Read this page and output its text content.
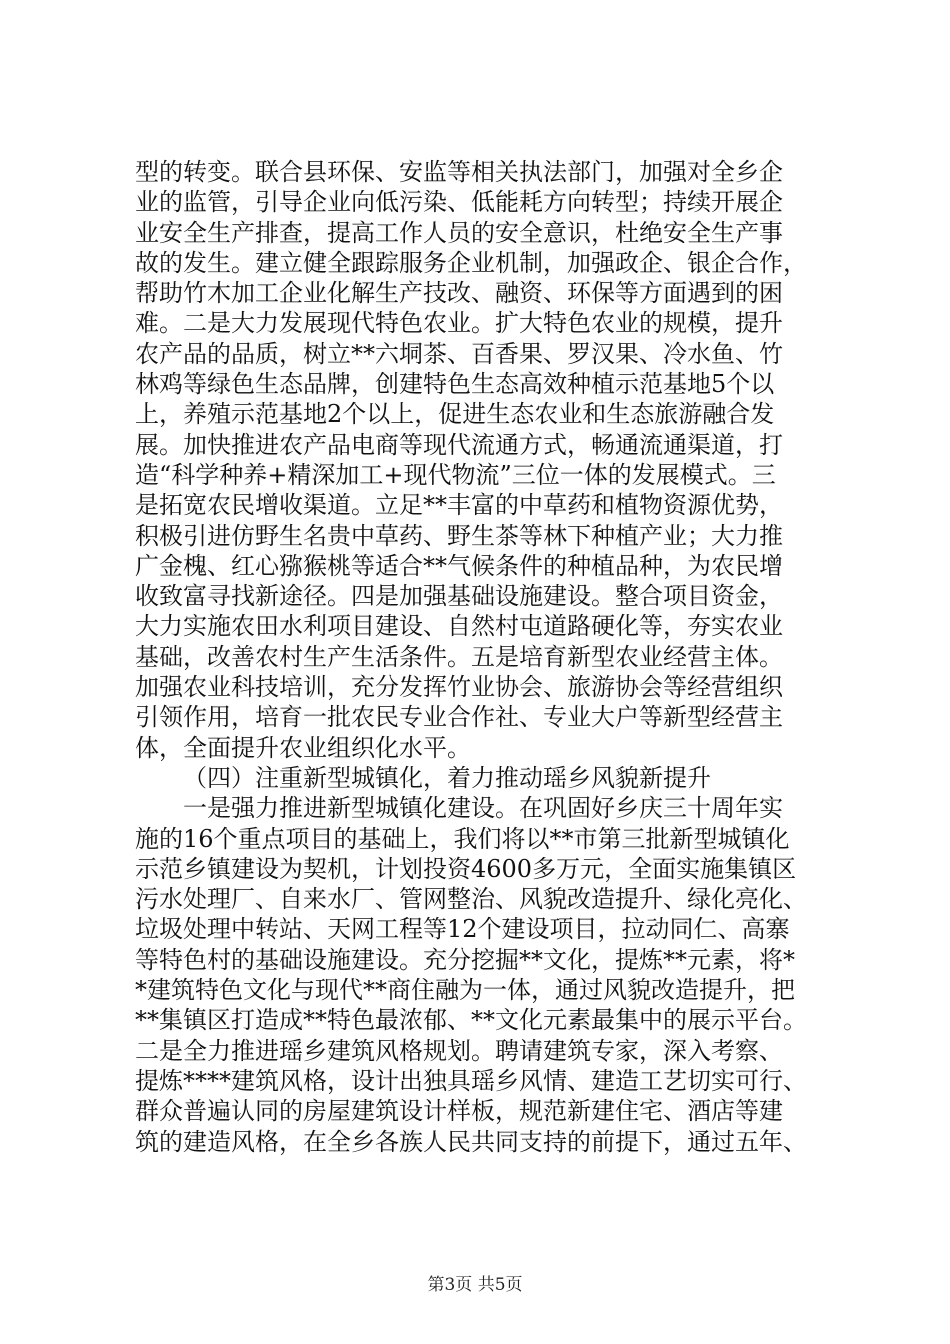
型的转变。联合县环保、安监等相关执法部门，加强对全乡企
业的监管，引导企业向低污染、低能耗方向转型；持续开展企
业安全生产排查，提高工作人员的安全意识，杜绝安全生产事
故的发生。建立健全跟踪服务企业机制，加强政企、银企合作，
帮助竹木加工企业化解生产技改、融资、环保等方面遇到的困
难。二是大力发展现代特色农业。扩大特色农业的规模，提升
农产品的品质，树立**六垌茶、百香果、罗汉果、冷水鱼、竹
林鸡等绿色生态品牌，创建特色生态高效种植示范基地5个以
上，养殖示范基地2个以上，促进生态农业和生态旅游融合发
展。加快推进农产品电商等现代流通方式，畅通流通渠道，打
造“科学种养+精深加工+现代物流”三位一体的发展模式。三
是拓宽农民增收渠道。立足**丰富的中草药和植物资源优势，
积极引进仿野生名贵中草药、野生茶等林下种植产业；大力推
广金槐、红心猕猴桃等适合**气候条件的种植品种，为农民增
收致富寻找新途径。四是加强基础设施建设。整合项目资金，
大力实施农田水利项目建设、自然村屯道路硬化等，夯实农业
基础，改善农村生产生活条件。五是培育新型农业经营主体。
加强农业科技培训，充分发挥竹业协会、旅游协会等经营组织
引领作用，培育一批农民专业合作社、专业大户等新型经营主
体，全面提升农业组织化水平。
（四）注重新型城镇化，着力推动瑶乡风貌新提升
一是强力推进新型城镇化建设。在巩固好乡庆三十周年实
施的16个重点项目的基础上，我们将以**市第三批新型城镇化
示范乡镇建设为契机，计划投资4600多万元，全面实施集镇区
污水处理厂、自来水厂、管网整治、风貌改造提升、绿化亮化、
垃圾处理中转站、天网工程等12个建设项目，拉动同仁、高寨
等特色村的基础设施建设。充分挖掘**文化，提炼**元素，将*
*建筑特色文化与现代**商住融为一体，通过风貌改造提升，把
**集镇区打造成**特色最浓郁、**文化元素最集中的展示平台。
二是全力推进瑶乡建筑风格规划。聘请建筑专家，深入考察、
提炼****建筑风格，设计出独具瑶乡风情、建造工艺切实可行、
群众普遍认同的房屋建筑设计样板，规范新建住宅、酒店等建
筑的建造风格，在全乡各族人民共同支持的前提下，通过五年、
第3页 共5页
